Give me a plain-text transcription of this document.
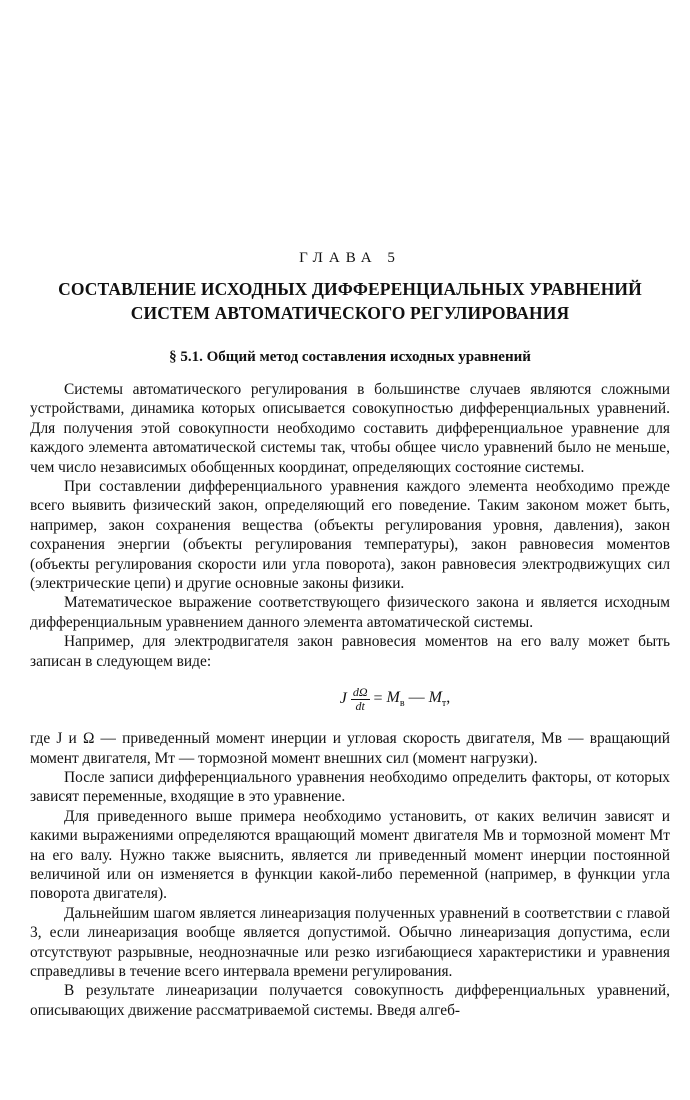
ГЛАВА 5
СОСТАВЛЕНИЕ ИСХОДНЫХ ДИФФЕРЕНЦИАЛЬНЫХ УРАВНЕНИЙ
СИСТЕМ АВТОМАТИЧЕСКОГО РЕГУЛИРОВАНИЯ
§ 5.1. Общий метод составления исходных уравнений

Системы автоматического регулирования в большинстве случаев являются сложными устройствами, динамика которых описывается совокупностью дифференциальных уравнений. Для получения этой совокупности необходимо составить дифференциальное уравнение для каждого элемента автоматической системы так, чтобы общее число уравнений было не меньше, чем число независимых обобщенных координат, определяющих состояние системы.

При составлении дифференциального уравнения каждого элемента необходимо прежде всего выявить физический закон, определяющий его поведение. Таким законом может быть, например, закон сохранения вещества (объекты регулирования уровня, давления), закон сохранения энергии (объекты регулирования температуры), закон равновесия моментов (объекты регулирования скорости или угла поворота), закон равновесия электродвижущих сил (электрические цепи) и другие основные законы физики.

Математическое выражение соответствующего физического закона и является исходным дифференциальным уравнением данного элемента автоматической системы.

Например, для электродвигателя закон равновесия моментов на его валу может быть записан в следующем виде:

J $\frac{d\Omega}{dt} = M_в$ — $M_т$,

где J и Ω — приведенный момент инерции и угловая скорость двигателя, Mв — вращающий момент двигателя, Mт — тормозной момент внешних сил (момент нагрузки).

После записи дифференциального уравнения необходимо определить факторы, от которых зависят переменные, входящие в это уравнение.

Для приведенного выше примера необходимо установить, от каких величин зависят и какими выражениями определяются вращающий момент двигателя Mв и тормозной момент Mт на его валу. Нужно также выяснить, является ли приведенный момент инерции постоянной величиной или он изменяется в функции какой-либо переменной (например, в функции угла поворота двигателя).

Дальнейшим шагом является линеаризация полученных уравнений в соответствии с главой 3, если линеаризация вообще является допустимой. Обычно линеаризация допустима, если отсутствуют разрывные, неоднозначные или резко изгибающиеся характеристики и уравнения справедливы в течение всего интервала времени регулирования.

В результате линеаризации получается совокупность дифференциальных уравнений, описывающих движение рассматриваемой системы. Введя алгеб-
